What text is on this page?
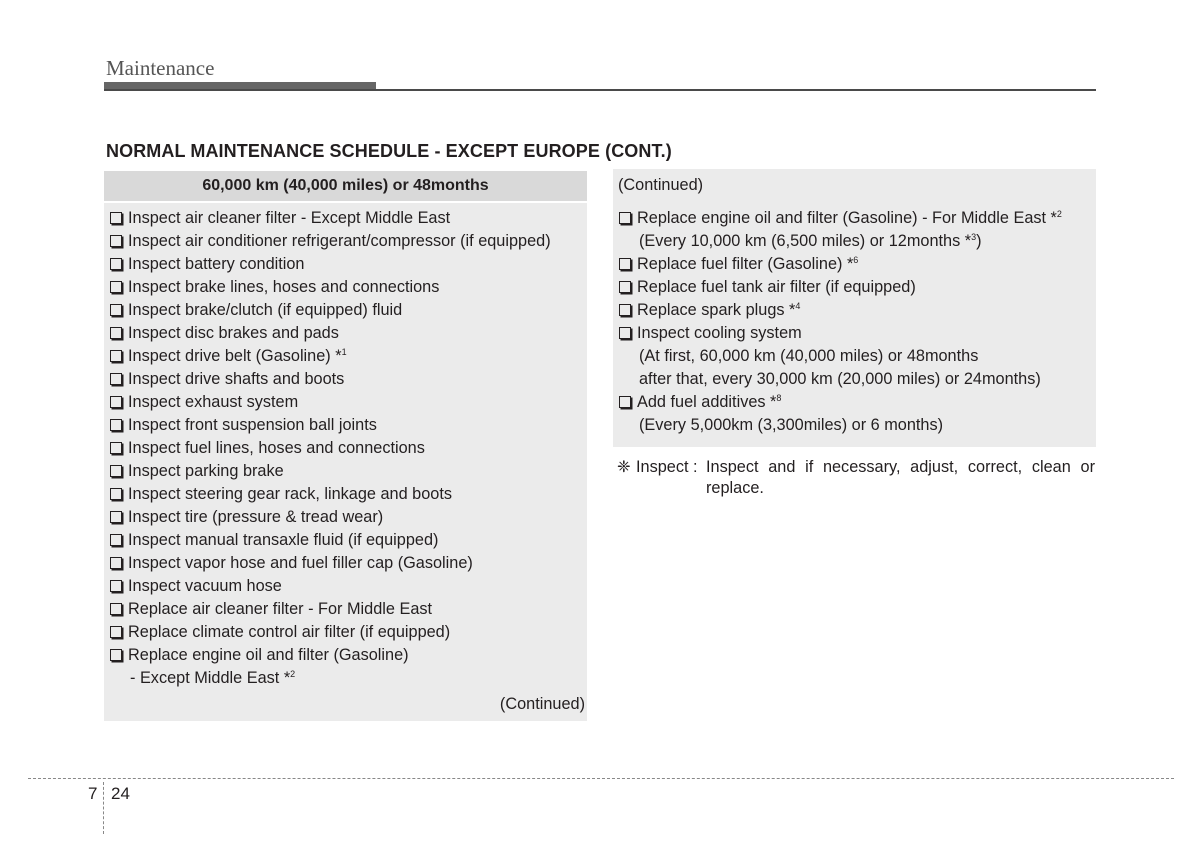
Maintenance
NORMAL MAINTENANCE SCHEDULE - EXCEPT EUROPE (CONT.)
60,000 km (40,000 miles) or 48months
Inspect air cleaner filter - Except Middle East
Inspect air conditioner refrigerant/compressor (if equipped)
Inspect battery condition
Inspect brake lines, hoses and connections
Inspect brake/clutch (if equipped) fluid
Inspect disc brakes and pads
Inspect drive belt (Gasoline) *$^1$
Inspect drive shafts and boots
Inspect exhaust system
Inspect front suspension ball joints
Inspect fuel lines, hoses and connections
Inspect parking brake
Inspect steering gear rack, linkage and boots
Inspect tire (pressure & tread wear)
Inspect manual transaxle fluid (if equipped)
Inspect vapor hose and fuel filler cap (Gasoline)
Inspect vacuum hose
Replace air cleaner filter - For Middle East
Replace climate control air filter (if equipped)
Replace engine oil and filter (Gasoline)
- Except Middle East *$^2$
(Continued)
(Continued)
Replace engine oil and filter (Gasoline) - For Middle East *$^2$
(Every 10,000 km (6,500 miles) or 12months *$^3$)
Replace fuel filter (Gasoline) *$^6$
Replace fuel tank air filter (if equipped)
Replace spark plugs *$^4$
Inspect cooling system
(At first, 60,000 km (40,000 miles) or 48months
after that, every 30,000 km (20,000 miles) or 24months)
Add fuel additives *$^8$
(Every 5,000km (3,300miles) or 6 months)
❈ Inspect : Inspect and if necessary, adjust, correct, clean or
replace.
7 24
